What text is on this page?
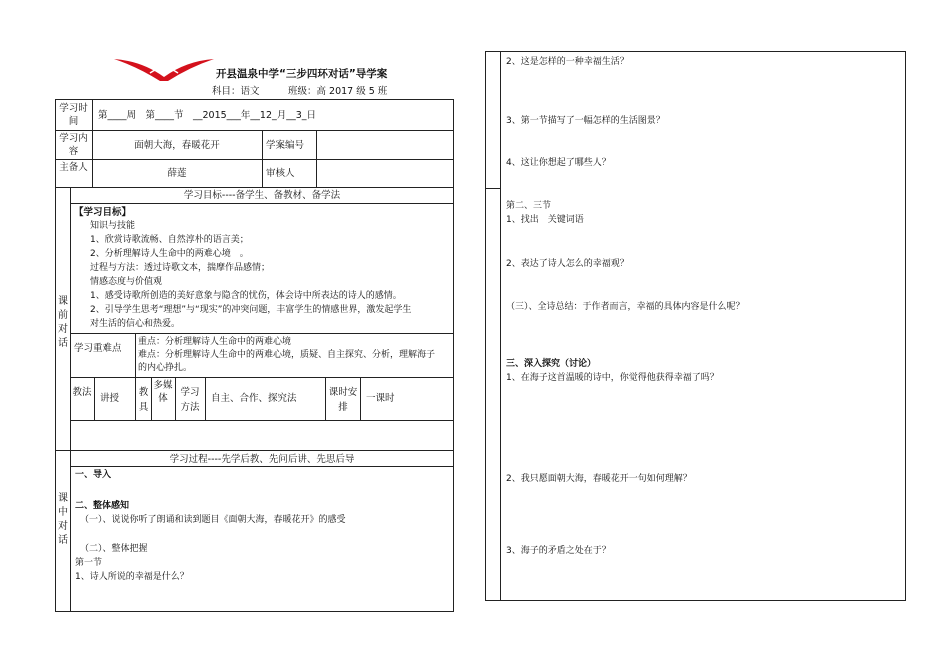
开县温泉中学“三步四环对话”导学案
科目：语文　　　班级：高 2017 级 5 班
学习时间
第____周　第____节　__2015___年__12_月__3_日
学习内容
面朝大海，春暖花开	学案编号
主备人
薛莲	审核人
课前对话
学习目标----备学生、备教材、备学法
【学习目标】
知识与技能
1、欣赏诗歌流畅、自然淳朴的语言美；
2、分析理解诗人生命中的两难心境　。
过程与方法：透过诗歌文本，揣摩作品感情；
情感态度与价值观
1、感受诗歌所创造的美好意象与隐含的忧伤，体会诗中所表达的诗人的感情。
2、引导学生思考“理想”与“现实”的冲突问题，丰富学生的情感世界，激发起学生
对生活的信心和热爱。
学习重难点
重点：分析理解诗人生命中的两难心境
难点：分析理解诗人生命中的两难心境，质疑、自主探究、分析，理解海子
的内心挣扎。
教法
讲授
教具
多媒体
学习方法
自主、合作、探究法
课时安排
一课时
课中对话
学习过程----先学后教、先问后讲、先思后导
一、导入
二、整体感知
（一）、说说你听了朗诵和读到题目《面朝大海，春暖花开》的感受
（二）、整体把握
第一节
1、诗人所说的幸福是什么？
2、这是怎样的一种幸福生活？
3、第一节描写了一幅怎样的生活图景？
4、这让你想起了哪些人？
第二、三节
1、找出　关键词语
2、表达了诗人怎么的幸福观？
（三）、全诗总结：于作者而言，幸福的具体内容是什么呢？
三、深入探究（讨论）
1、在海子这首温暖的诗中，你觉得他获得幸福了吗？
2、我只愿面朝大海，春暖花开一句如何理解？
3、海子的矛盾之处在于？
